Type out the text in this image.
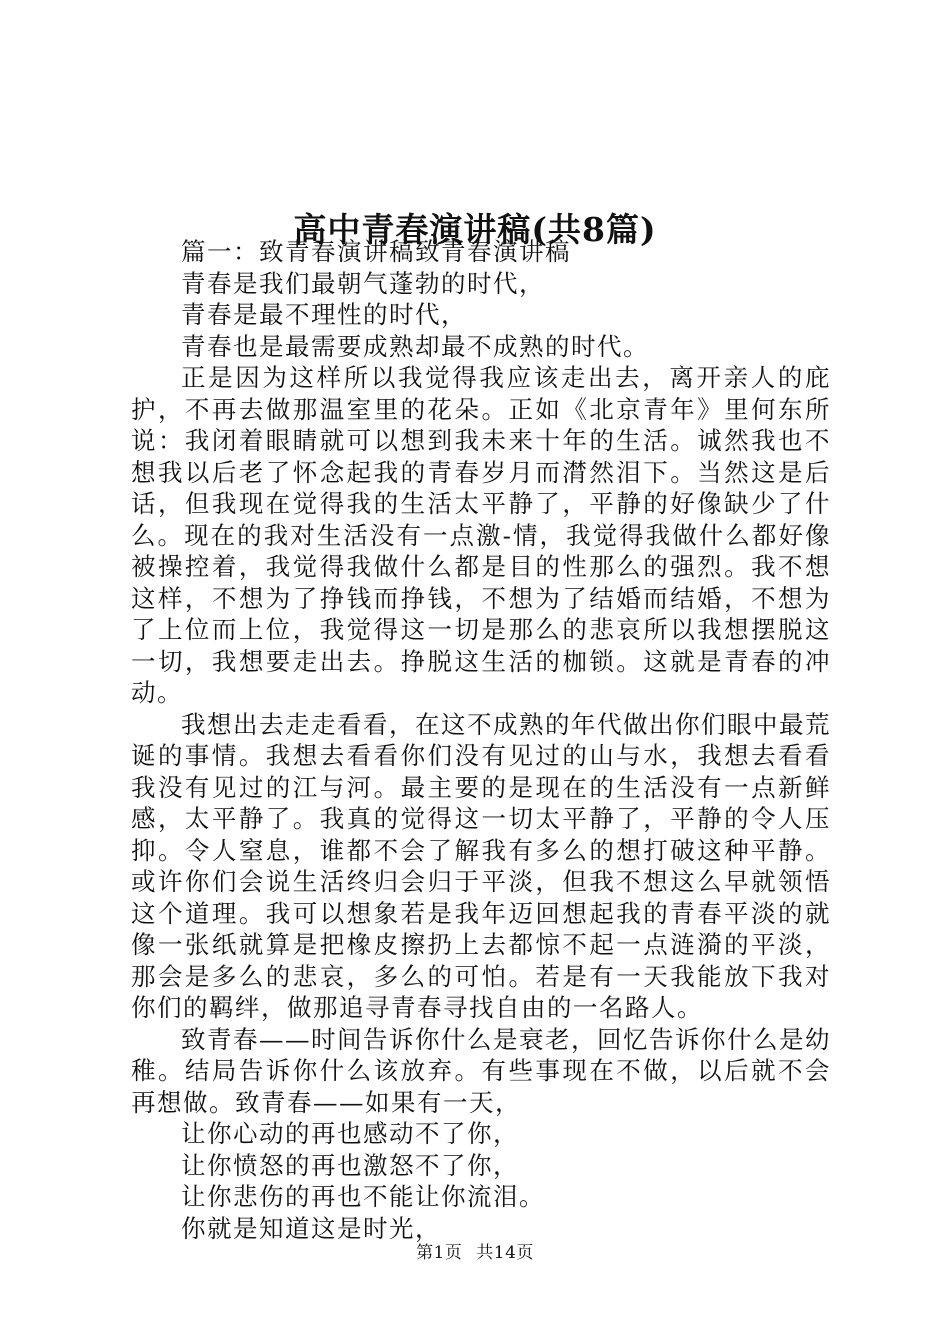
高中青春演讲稿(共8篇)

篇一：致青春演讲稿致青春演讲稿

青春是我们最朝气蓬勃的时代，

青春是最不理性的时代，

青春也是最需要成熟却最不成熟的时代。

正是因为这样所以我觉得我应该走出去，离开亲人的庇护，不再去做那温室里的花朵。正如《北京青年》里何东所说：我闭着眼睛就可以想到我未来十年的生活。诚然我也不想我以后老了怀念起我的青春岁月而潸然泪下。当然这是后话，但我现在觉得我的生活太平静了，平静的好像缺少了什么。现在的我对生活没有一点激-情，我觉得我做什么都好像被操控着，我觉得我做什么都是目的性那么的强烈。我不想这样，不想为了挣钱而挣钱，不想为了结婚而结婚，不想为了上位而上位，我觉得这一切是那么的悲哀所以我想摆脱这一切，我想要走出去。挣脱这生活的枷锁。这就是青春的冲动。

我想出去走走看看，在这不成熟的年代做出你们眼中最荒诞的事情。我想去看看你们没有见过的山与水，我想去看看我没有见过的江与河。最主要的是现在的生活没有一点新鲜感，太平静了。我真的觉得这一切太平静了，平静的令人压抑。令人窒息，谁都不会了解我有多么的想打破这种平静。或许你们会说生活终归会归于平淡，但我不想这么早就领悟这个道理。我可以想象若是我年迈回想起我的青春平淡的就像一张纸就算是把橡皮擦扔上去都惊不起一点涟漪的平淡，那会是多么的悲哀，多么的可怕。若是有一天我能放下我对你们的羁绊，做那追寻青春寻找自由的一名路人。

致青春——时间告诉你什么是衰老，回忆告诉你什么是幼稚。结局告诉你什么该放弃。有些事现在不做，以后就不会再想做。致青春——如果有一天，

让你心动的再也感动不了你，

让你愤怒的再也激怒不了你，

让你悲伤的再也不能让你流泪。

你就是知道这是时光，

第1页 共14页
